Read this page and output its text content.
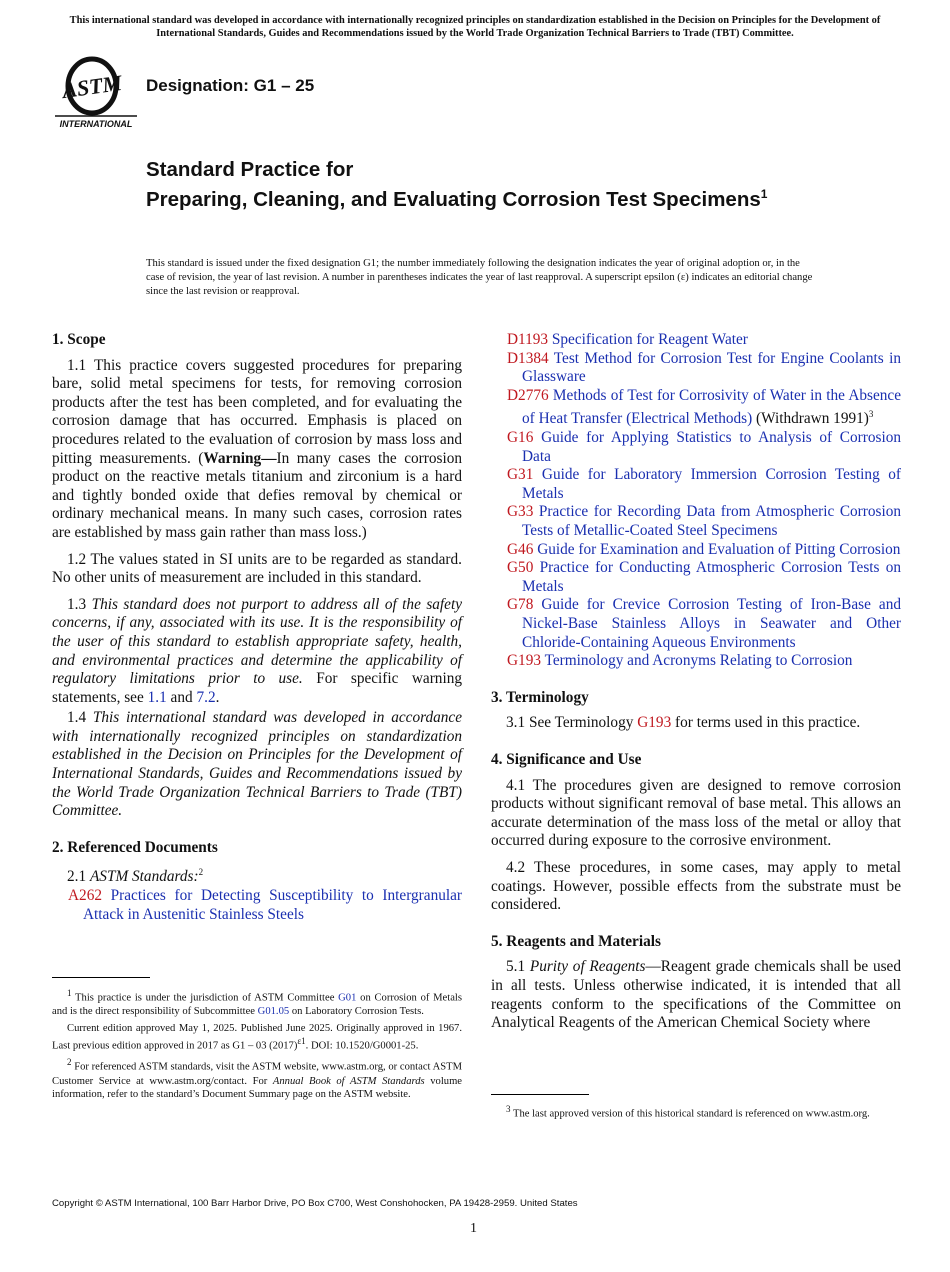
This international standard was developed in accordance with internationally recognized principles on standardization established in the Decision on Principles for the Development of International Standards, Guides and Recommendations issued by the World Trade Organization Technical Barriers to Trade (TBT) Committee.
ASTM
INTERNATIONAL
Designation: G1 – 25
Standard Practice for
Preparing, Cleaning, and Evaluating Corrosion Test Specimens$^1$
This standard is issued under the fixed designation G1; the number immediately following the designation indicates the year of original adoption or, in the case of revision, the year of last revision. A number in parentheses indicates the year of last reapproval. A superscript epsilon (ε) indicates an editorial change since the last revision or reapproval.
1. Scope

1.1 This practice covers suggested procedures for preparing bare, solid metal specimens for tests, for removing corrosion products after the test has been completed, and for evaluating the corrosion damage that has occurred. Emphasis is placed on procedures related to the evaluation of corrosion by mass loss and pitting measurements. (Warning—In many cases the corrosion product on the reactive metals titanium and zirconium is a hard and tightly bonded oxide that defies removal by chemical or ordinary mechanical means. In many such cases, corrosion rates are established by mass gain rather than mass loss.)

1.2 The values stated in SI units are to be regarded as standard. No other units of measurement are included in this standard.

1.3 This standard does not purport to address all of the safety concerns, if any, associated with its use. It is the responsibility of the user of this standard to establish appropriate safety, health, and environmental practices and determine the applicability of regulatory limitations prior to use. For specific warning statements, see 1.1 and 7.2.

1.4 This international standard was developed in accordance with internationally recognized principles on standardization established in the Decision on Principles for the Development of International Standards, Guides and Recommendations issued by the World Trade Organization Technical Barriers to Trade (TBT) Committee.

2. Referenced Documents

2.1 ASTM Standards:$^2$

A262 Practices for Detecting Susceptibility to Intergranular Attack in Austenitic Stainless Steels

$^1$ This practice is under the jurisdiction of ASTM Committee G01 on Corrosion of Metals and is the direct responsibility of Subcommittee G01.05 on Laboratory Corrosion Tests.

Current edition approved May 1, 2025. Published June 2025. Originally approved in 1967. Last previous edition approved in 2017 as G1 – 03 $(2017)^{\varepsilon 1}$. DOI: 10.1520/G0001-25.

$^2$ For referenced ASTM standards, visit the ASTM website, www.astm.org, or contact ASTM Customer Service at www.astm.org/contact. For Annual Book of ASTM Standards volume information, refer to the standard’s Document Summary page on the ASTM website.

D1193 Specification for Reagent Water

D1384 Test Method for Corrosion Test for Engine Coolants in Glassware

D2776 Methods of Test for Corrosivity of Water in the Absence of Heat Transfer (Electrical Methods) (Withdrawn 1991)$^3$

G16 Guide for Applying Statistics to Analysis of Corrosion Data

G31 Guide for Laboratory Immersion Corrosion Testing of Metals

G33 Practice for Recording Data from Atmospheric Corrosion Tests of Metallic-Coated Steel Specimens

G46 Guide for Examination and Evaluation of Pitting Corrosion

G50 Practice for Conducting Atmospheric Corrosion Tests on Metals

G78 Guide for Crevice Corrosion Testing of Iron-Base and Nickel-Base Stainless Alloys in Seawater and Other Chloride-Containing Aqueous Environments

G193 Terminology and Acronyms Relating to Corrosion

3. Terminology

3.1 See Terminology G193 for terms used in this practice.

4. Significance and Use

4.1 The procedures given are designed to remove corrosion products without significant removal of base metal. This allows an accurate determination of the mass loss of the metal or alloy that occurred during exposure to the corrosive environment.

4.2 These procedures, in some cases, may apply to metal coatings. However, possible effects from the substrate must be considered.

5. Reagents and Materials

5.1 Purity of Reagents—Reagent grade chemicals shall be used in all tests. Unless otherwise indicated, it is intended that all reagents conform to the specifications of the Committee on Analytical Reagents of the American Chemical Society where

$^3$ The last approved version of this historical standard is referenced on www.astm.org.

Copyright © ASTM International, 100 Barr Harbor Drive, PO Box C700, West Conshohocken, PA 19428-2959. United States
1
